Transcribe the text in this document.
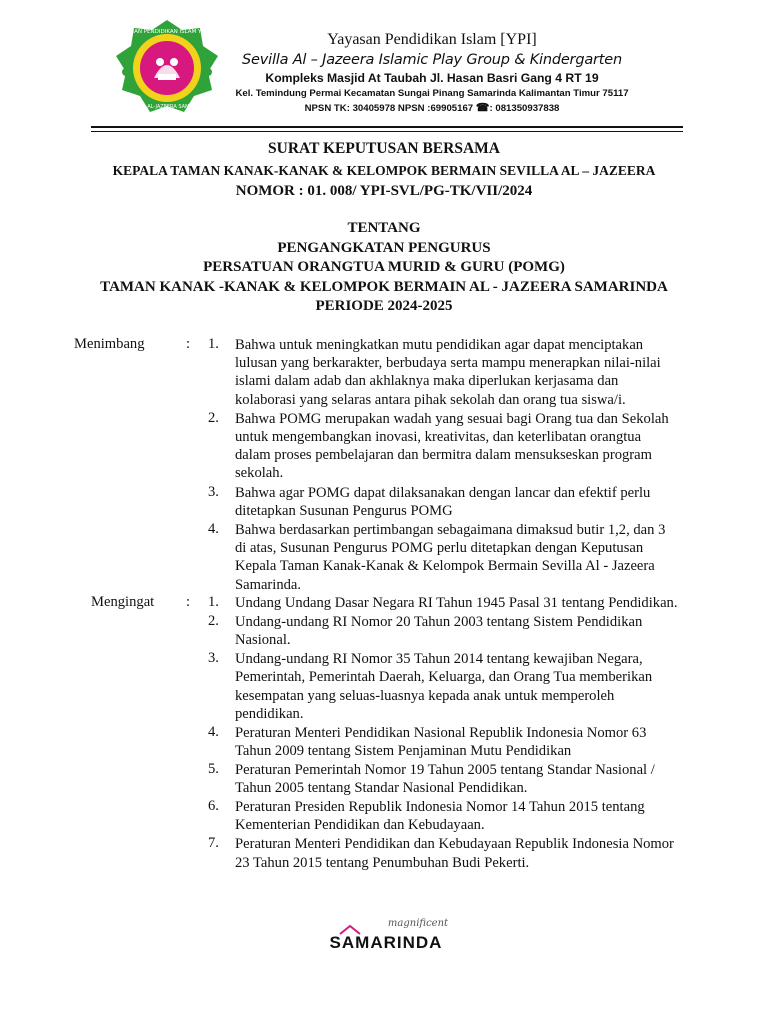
YAYASAN PENDIDIKAN ISLAM YPADU
SEVILLA AL-JAZEERA SAMARINDA
Yayasan Pendidikan Islam [YPI]
Sevilla Al – Jazeera Islamic Play Group & Kindergarten
Kompleks Masjid At Taubah Jl. Hasan Basri Gang 4 RT 19
Kel. Temindung Permai Kecamatan Sungai Pinang Samarinda Kalimantan Timur 75117
NPSN TK: 30405978 NPSN :69905167 ☎: 081350937838
SURAT KEPUTUSAN BERSAMA
KEPALA TAMAN KANAK-KANAK & KELOMPOK BERMAIN SEVILLA AL – JAZEERA
NOMOR : 01. 008/ YPI-SVL/PG-TK/VII/2024
TENTANG
PENGANGKATAN PENGURUS
PERSATUAN ORANGTUA MURID & GURU (POMG)
TAMAN KANAK -KANAK & KELOMPOK BERMAIN AL - JAZEERA SAMARINDA
PERIODE 2024-2025
Menimbang	:
Mengingat :
1. Bahwa untuk meningkatkan mutu pendidikan agar dapat menciptakan
lulusan yang berkarakter, berbudaya serta mampu menerapkan nilai-nilai
islami dalam adab dan akhlaknya maka diperlukan kerjasama dan
kolaborasi yang selaras antara pihak sekolah dan orang tua siswa/i.
2. Bahwa POMG merupakan wadah yang sesuai bagi Orang tua dan Sekolah
untuk mengembangkan inovasi, kreativitas, dan keterlibatan orangtua
dalam proses pembelajaran dan bermitra dalam mensukseskan program
sekolah.
3. Bahwa agar POMG dapat dilaksanakan dengan lancar dan efektif perlu
ditetapkan Susunan Pengurus POMG
4. Bahwa berdasarkan pertimbangan sebagaimana dimaksud butir 1,2, dan 3
di atas, Susunan Pengurus POMG perlu ditetapkan dengan Keputusan
Kepala Taman Kanak-Kanak & Kelompok Bermain Sevilla Al - Jazeera
Samarinda.
1. Undang Undang Dasar Negara RI Tahun 1945 Pasal 31 tentang Pendidikan.
2. Undang-undang RI Nomor 20 Tahun 2003 tentang Sistem Pendidikan
Nasional.
3. Undang-undang RI Nomor 35 Tahun 2014 tentang kewajiban Negara,
Pemerintah, Pemerintah Daerah, Keluarga, dan Orang Tua memberikan
kesempatan yang seluas-luasnya kepada anak untuk memperoleh
pendidikan.
4. Peraturan Menteri Pendidikan Nasional Republik Indonesia Nomor 63
Tahun 2009 tentang Sistem Penjaminan Mutu Pendidikan
5. Peraturan Pemerintah Nomor 19 Tahun 2005 tentang Standar Nasional /
Tahun 2005 tentang Standar Nasional Pendidikan.
6. Peraturan Presiden Republik Indonesia Nomor 14 Tahun 2015 tentang
Kementerian Pendidikan dan Kebudayaan.
7. Peraturan Menteri Pendidikan dan Kebudayaan Republik Indonesia Nomor
23 Tahun 2015 tentang Penumbuhan Budi Pekerti.
magnificent
SAMARINDA
